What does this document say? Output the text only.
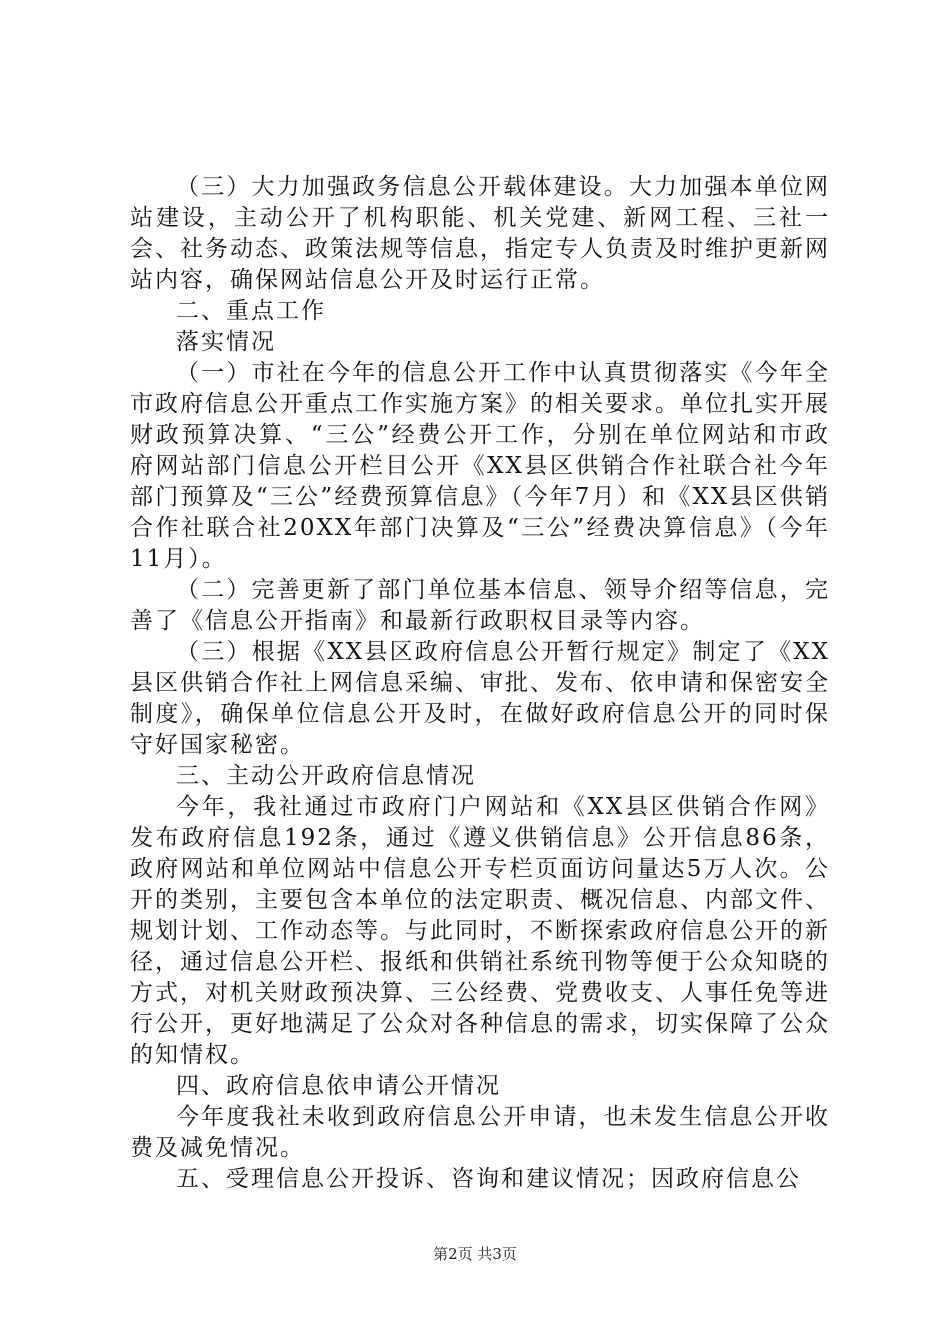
（三）大力加强政务信息公开载体建设。大力加强本单位网站建设，主动公开了机构职能、机关党建、新网工程、三社一会、社务动态、政策法规等信息，指定专人负责及时维护更新网站内容，确保网站信息公开及时运行正常。

二、重点工作

落实情况

（一）市社在今年的信息公开工作中认真贯彻落实《今年全市政府信息公开重点工作实施方案》的相关要求。单位扎实开展财政预算决算、“三公”经费公开工作，分别在单位网站和市政府网站部门信息公开栏目公开《XX县区供销合作社联合社今年部门预算及“三公”经费预算信息》（今年7月）和《XX县区供销合作社联合社20XX年部门决算及“三公”经费决算信息》（今年11月）。

（二）完善更新了部门单位基本信息、领导介绍等信息，完善了《信息公开指南》和最新行政职权目录等内容。

（三）根据《XX县区政府信息公开暂行规定》制定了《XX县区供销合作社上网信息采编、审批、发布、依申请和保密安全制度》，确保单位信息公开及时，在做好政府信息公开的同时保守好国家秘密。

三、主动公开政府信息情况

今年，我社通过市政府门户网站和《XX县区供销合作网》发布政府信息192条，通过《遵义供销信息》公开信息86条，政府网站和单位网站中信息公开专栏页面访问量达5万人次。公开的类别，主要包含本单位的法定职责、概况信息、内部文件、规划计划、工作动态等。与此同时，不断探索政府信息公开的新径，通过信息公开栏、报纸和供销社系统刊物等便于公众知晓的方式，对机关财政预决算、三公经费、党费收支、人事任免等进行公开，更好地满足了公众对各种信息的需求，切实保障了公众的知情权。

四、政府信息依申请公开情况

今年度我社未收到政府信息公开申请，也未发生信息公开收费及减免情况。

五、受理信息公开投诉、咨询和建议情况；因政府信息公

第2页 共3页
